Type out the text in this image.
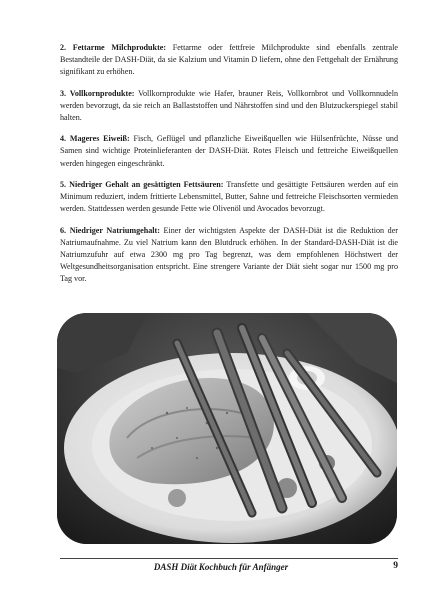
2. Fettarme Milchprodukte: Fettarme oder fettfreie Milchprodukte sind ebenfalls zentrale Bestandteile der DASH-Diät, da sie Kalzium und Vitamin D liefern, ohne den Fettgehalt der Ernährung signifikant zu erhöhen.

3. Vollkornprodukte: Vollkornprodukte wie Hafer, brauner Reis, Vollkornbrot und Vollkornnudeln werden bevorzugt, da sie reich an Ballaststoffen und Nährstoffen sind und den Blutzuckerspiegel stabil halten.

4. Mageres Eiweiß: Fisch, Geflügel und pflanzliche Eiweißquellen wie Hülsenfrüchte, Nüsse und Samen sind wichtige Proteinlieferanten der DASH-Diät. Rotes Fleisch und fettreiche Eiweißquellen werden hingegen eingeschränkt.

5. Niedriger Gehalt an gesättigten Fettsäuren: Transfette und gesättigte Fettsäuren werden auf ein Minimum reduziert, indem frittierte Lebensmittel, Butter, Sahne und fettreiche Fleischsorten vermieden werden. Stattdessen werden gesunde Fette wie Olivenöl und Avocados bevorzugt.

6. Niedriger Natriumgehalt: Einer der wichtigsten Aspekte der DASH-Diät ist die Reduktion der Natriumaufnahme. Zu viel Natrium kann den Blutdruck erhöhen. In der Standard-DASH-Diät ist die Natriumzufuhr auf etwa 2300 mg pro Tag begrenzt, was dem empfohlenen Höchstwert der Weltgesundheitsorganisation entspricht. Eine strengere Variante der Diät sieht sogar nur 1500 mg pro Tag vor.

DASH Diät Kochbuch für Anfänger	9
